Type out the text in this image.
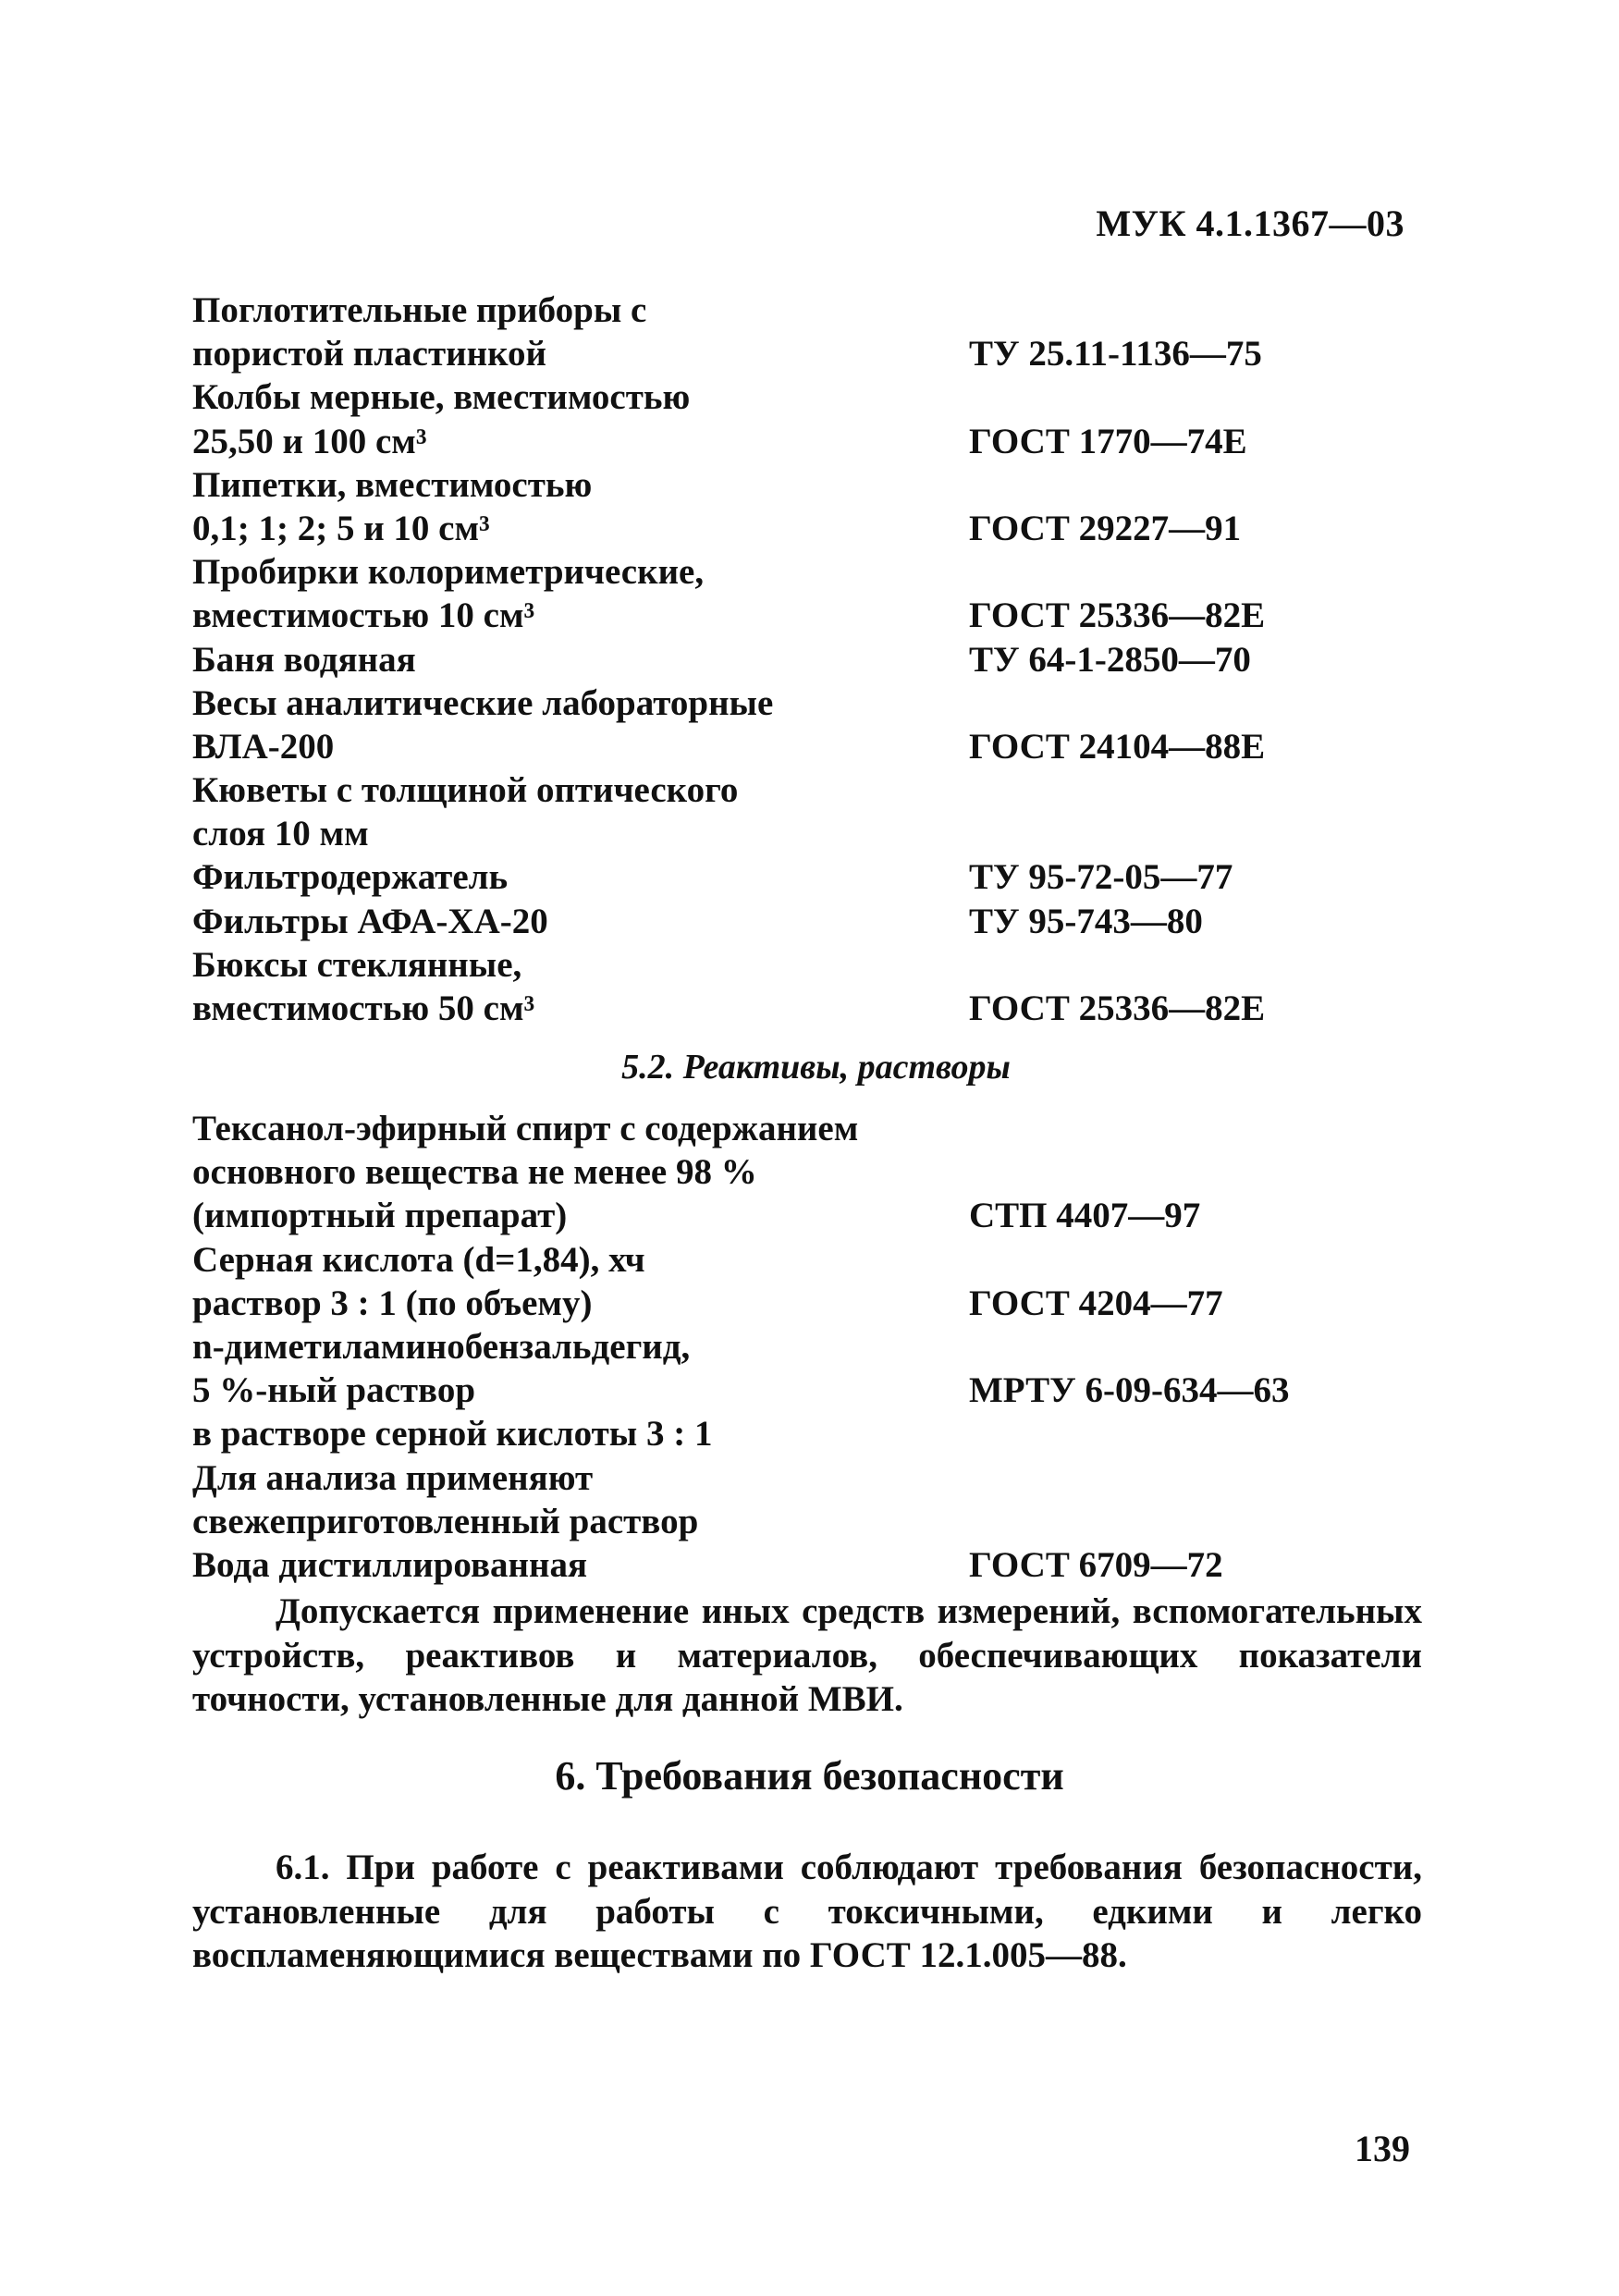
МУК 4.1.1367—03
Поглотительные приборы с
пористой пластинкой	ТУ 25.11-1136—75
Колбы мерные, вместимостью
25,50 и 100 см³	ГОСТ 1770—74Е
Пипетки, вместимостью
0,1; 1; 2; 5 и 10 см³	ГОСТ 29227—91
Пробирки колориметрические,
вместимостью 10 см³	ГОСТ 25336—82Е
Баня водяная	ТУ 64-1-2850—70
Весы аналитические лабораторные
ВЛА-200	ГОСТ 24104—88Е
Кюветы с толщиной оптического
слоя 10 мм
Фильтродержатель	ТУ 95-72-05—77
Фильтры АФА-ХА-20	ТУ 95-743—80
Бюксы стеклянные,
вместимостью 50 см³	ГОСТ 25336—82Е
5.2. Реактивы, растворы
Тексанол-эфирный спирт с содержанием
основного вещества не менее 98 %
(импортный препарат)	СТП 4407—97
Серная кислота (d=1,84), хч
раствор 3 : 1 (по объему)	ГОСТ 4204—77
n-диметиламинобензальдегид,
5 %-ный раствор	МРТУ 6-09-634—63
в растворе серной кислоты 3 : 1
Для анализа применяют
свежеприготовленный раствор
Вода дистиллированная	ГОСТ 6709—72

Допускается применение иных средств измерений, вспомогательных устройств, реактивов и материалов, обеспечивающих показатели точности, установленные для данной МВИ.

6. Требования безопасности

6.1. При работе с реактивами соблюдают требования безопасности, установленные для работы с токсичными, едкими и легко воспламеняющимися веществами по ГОСТ 12.1.005—88.

139
